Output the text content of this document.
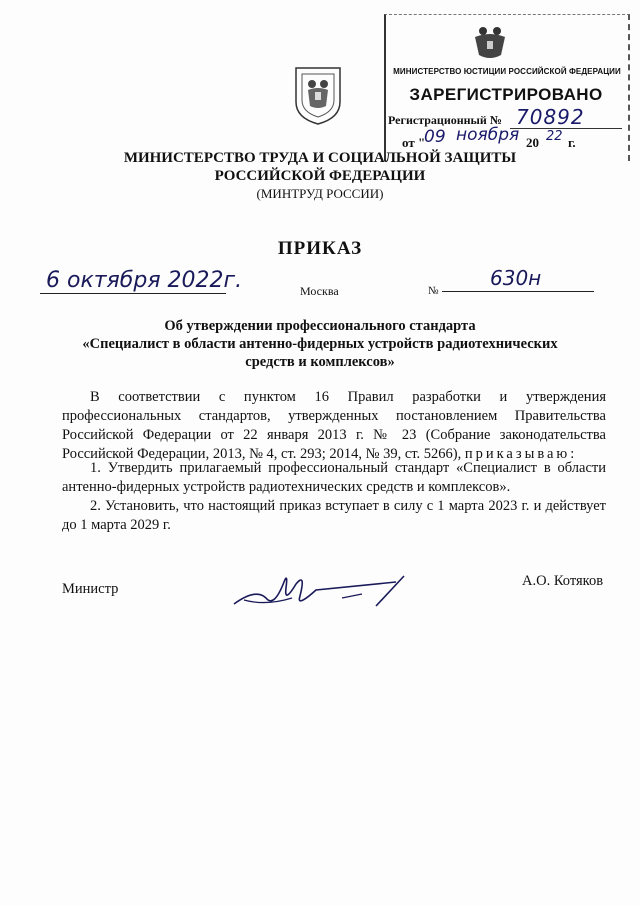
МИНИСТЕРСТВО ЮСТИЦИИ РОССИЙСКОЙ ФЕДЕРАЦИИ
ЗАРЕГИСТРИРОВАНО
Регистрационный № 70892
от "
09 ноября 20 22 г.
МИНИСТЕРСТВО ТРУДА И СОЦИАЛЬНОЙ ЗАЩИТЫ
РОССИЙСКОЙ ФЕДЕРАЦИИ
(МИНТРУД РОССИИ)
ПРИКАЗ
6 октября 2022г.	Москва	№
630н
Об утверждении профессионального стандарта
«Специалист в области антенно-фидерных устройств радиотехнических
средств и комплексов»
В соответствии с пунктом 16 Правил разработки и утверждения профессиональных стандартов, утвержденных постановлением Правительства Российской Федерации от 22 января 2013 г. № 23 (Собрание законодательства Российской Федерации, 2013, № 4, ст. 293; 2014, № 39, ст. 5266), приказываю:
1. Утвердить прилагаемый профессиональный стандарт «Специалист в области антенно-фидерных устройств радиотехнических средств и комплексов».
2. Установить, что настоящий приказ вступает в силу с 1 марта 2023 г. и действует до 1 марта 2029 г.
Министр	А.О. Котяков
